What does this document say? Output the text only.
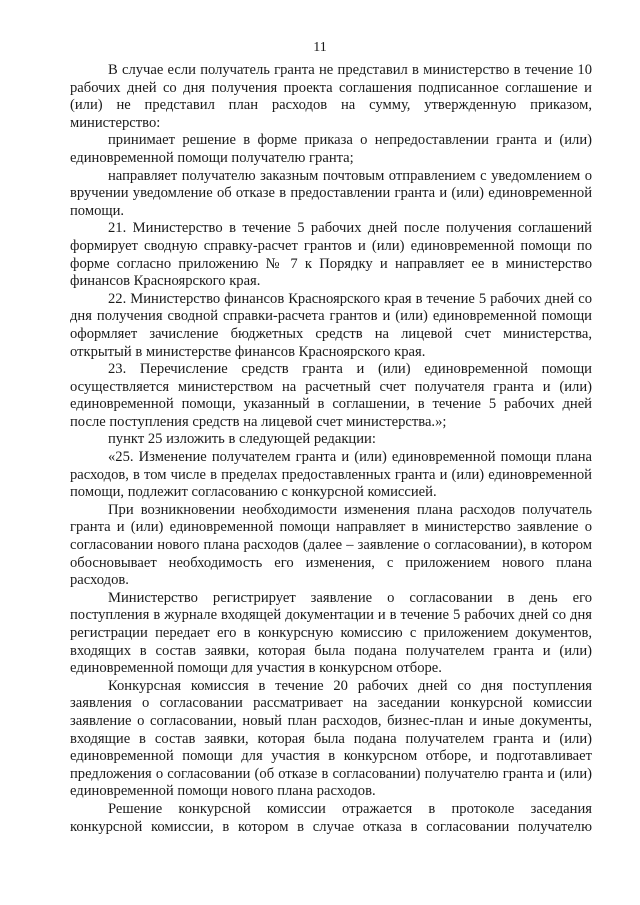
11

В случае если получатель гранта не представил в министерство в течение 10 рабочих дней со дня получения проекта соглашения подписанное соглашение и (или) не представил план расходов на сумму, утвержденную приказом, министерство:

принимает решение в форме приказа о непредоставлении гранта и (или) единовременной помощи получателю гранта;

направляет получателю заказным почтовым отправлением с уведомлением о вручении уведомление об отказе в предоставлении гранта и (или) единовременной помощи.

21. Министерство в течение 5 рабочих дней после получения соглашений формирует сводную справку-расчет грантов и (или) единовременной помощи по форме согласно приложению № 7 к Порядку и направляет ее в министерство финансов Красноярского края.

22. Министерство финансов Красноярского края в течение 5 рабочих дней со дня получения сводной справки-расчета грантов и (или) единовременной помощи оформляет зачисление бюджетных средств на лицевой счет министерства, открытый в министерстве финансов Красноярского края.

23. Перечисление средств гранта и (или) единовременной помощи осуществляется министерством на расчетный счет получателя гранта и (или) единовременной помощи, указанный в соглашении, в течение 5 рабочих дней после поступления средств на лицевой счет министерства.»;

пункт 25 изложить в следующей редакции:

«25. Изменение получателем гранта и (или) единовременной помощи плана расходов, в том числе в пределах предоставленных гранта и (или) единовременной помощи, подлежит согласованию с конкурсной комиссией.

При возникновении необходимости изменения плана расходов получатель гранта и (или) единовременной помощи направляет в министерство заявление о согласовании нового плана расходов (далее – заявление о согласовании), в котором обосновывает необходимость его изменения, с приложением нового плана расходов.

Министерство регистрирует заявление о согласовании в день его поступления в журнале входящей документации и в течение 5 рабочих дней со дня регистрации передает его в конкурсную комиссию с приложением документов, входящих в состав заявки, которая была подана получателем гранта и (или) единовременной помощи для участия в конкурсном отборе.

Конкурсная комиссия в течение 20 рабочих дней со дня поступления заявления о согласовании рассматривает на заседании конкурсной комиссии заявление о согласовании, новый план расходов, бизнес-план и иные документы, входящие в состав заявки, которая была подана получателем гранта и (или) единовременной помощи для участия в конкурсном отборе, и подготавливает предложения о согласовании (об отказе в согласовании) получателю гранта и (или) единовременной помощи нового плана расходов.

Решение конкурсной комиссии отражается в протоколе заседания конкурсной комиссии, в котором в случае отказа в согласовании получателю
